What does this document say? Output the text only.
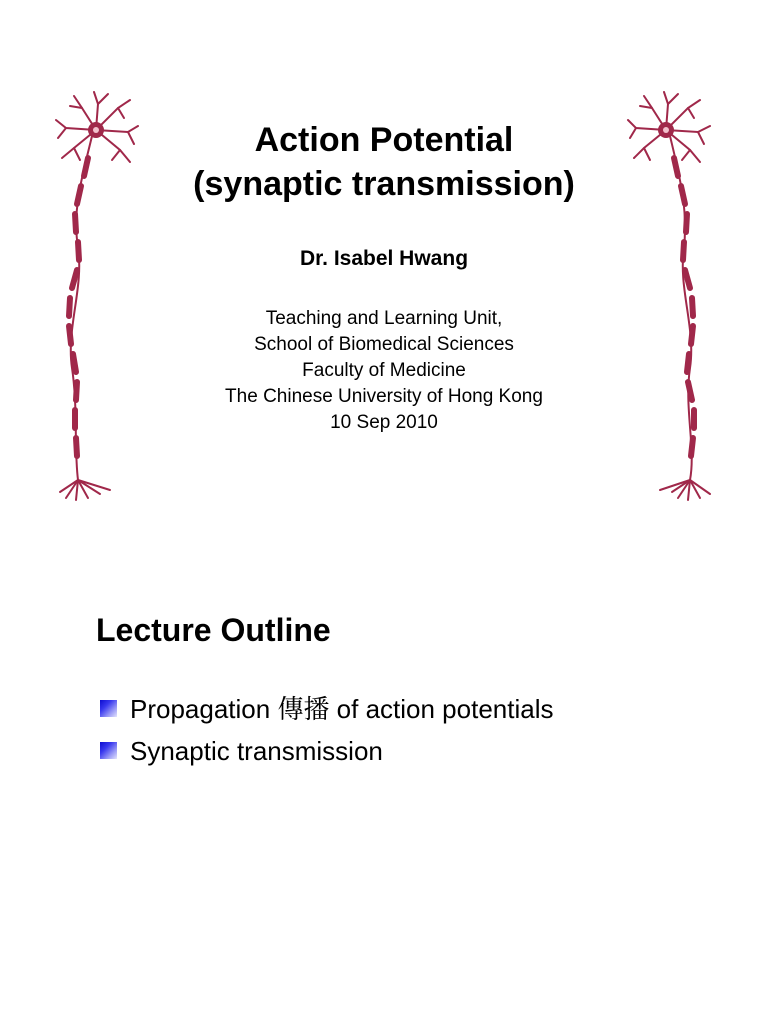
Action Potential
(synaptic transmission)
Dr. Isabel Hwang
Teaching and Learning Unit,
School of Biomedical Sciences
Faculty of Medicine
The Chinese University of Hong Kong
10 Sep 2010
Lecture Outline
Propagation 傳播 of action potentials
Synaptic transmission
